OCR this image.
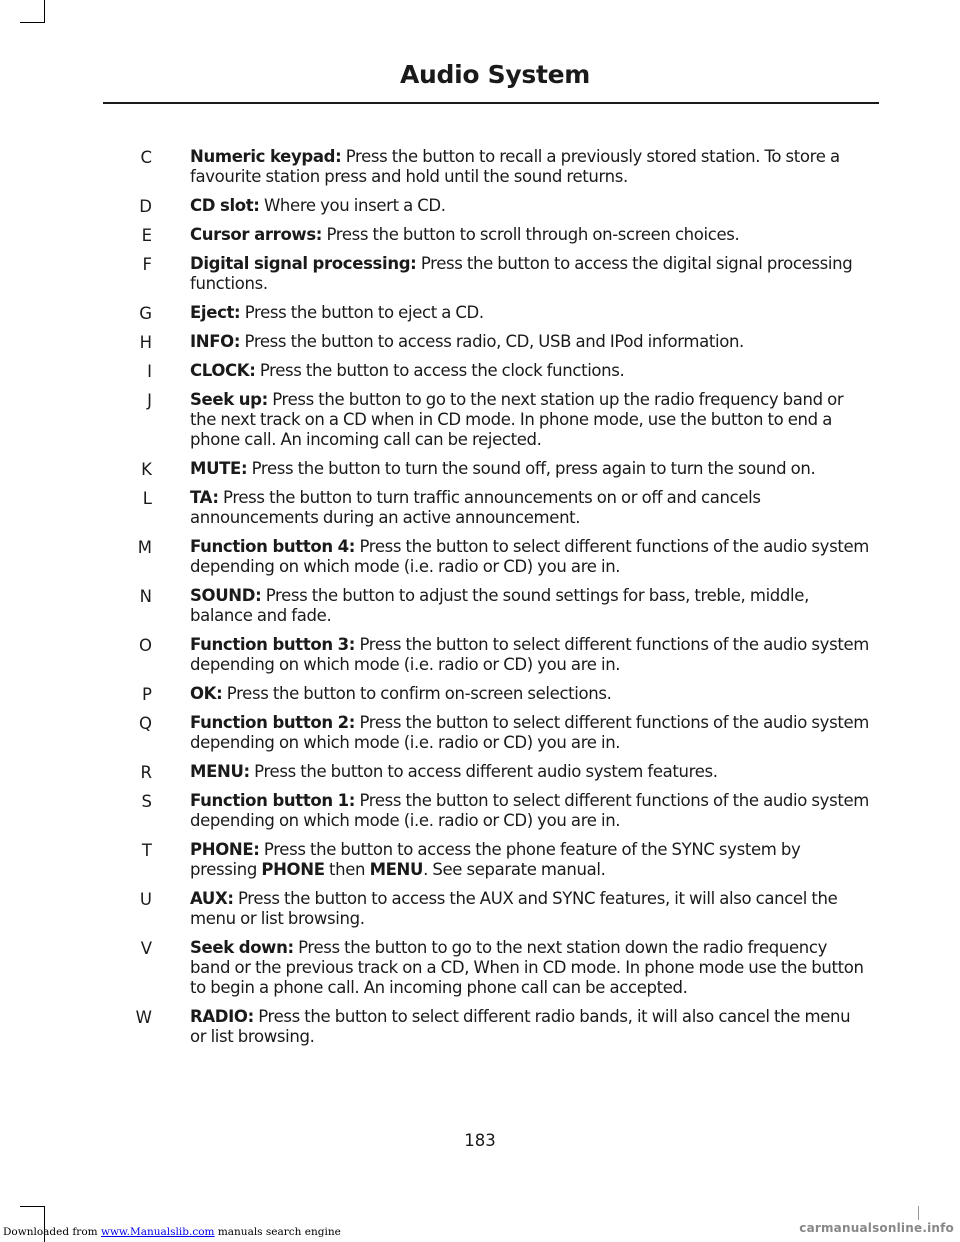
Audio System
C Numeric keypad: Press the button to recall a previously stored station. To store a favourite station press and hold until the sound returns.
D CD slot: Where you insert a CD.
E Cursor arrows: Press the button to scroll through on-screen choices.
F Digital signal processing: Press the button to access the digital signal processing functions.
G Eject: Press the button to eject a CD.
H INFO: Press the button to access radio, CD, USB and IPod information.
I CLOCK: Press the button to access the clock functions.
J Seek up: Press the button to go to the next station up the radio frequency band or the next track on a CD when in CD mode. In phone mode, use the button to end a phone call. An incoming call can be rejected.
K MUTE: Press the button to turn the sound off, press again to turn the sound on.
L TA: Press the button to turn traffic announcements on or off and cancels announcements during an active announcement.
M Function button 4: Press the button to select different functions of the audio system depending on which mode (i.e. radio or CD) you are in.
N SOUND: Press the button to adjust the sound settings for bass, treble, middle, balance and fade.
O Function button 3: Press the button to select different functions of the audio system depending on which mode (i.e. radio or CD) you are in.
P OK: Press the button to confirm on-screen selections.
Q Function button 2: Press the button to select different functions of the audio system depending on which mode (i.e. radio or CD) you are in.
R MENU: Press the button to access different audio system features.
S Function button 1: Press the button to select different functions of the audio system depending on which mode (i.e. radio or CD) you are in.
T PHONE: Press the button to access the phone feature of the SYNC system by pressing PHONE then MENU. See separate manual.
U AUX: Press the button to access the AUX and SYNC features, it will also cancel the menu or list browsing.
V Seek down: Press the button to go to the next station down the radio frequency band or the previous track on a CD, When in CD mode. In phone mode use the button to begin a phone call. An incoming phone call can be accepted.
W RADIO: Press the button to select different radio bands, it will also cancel the menu or list browsing.
183
Downloaded from www.Manualslib.com manuals search engine	carmanualsonline.info
